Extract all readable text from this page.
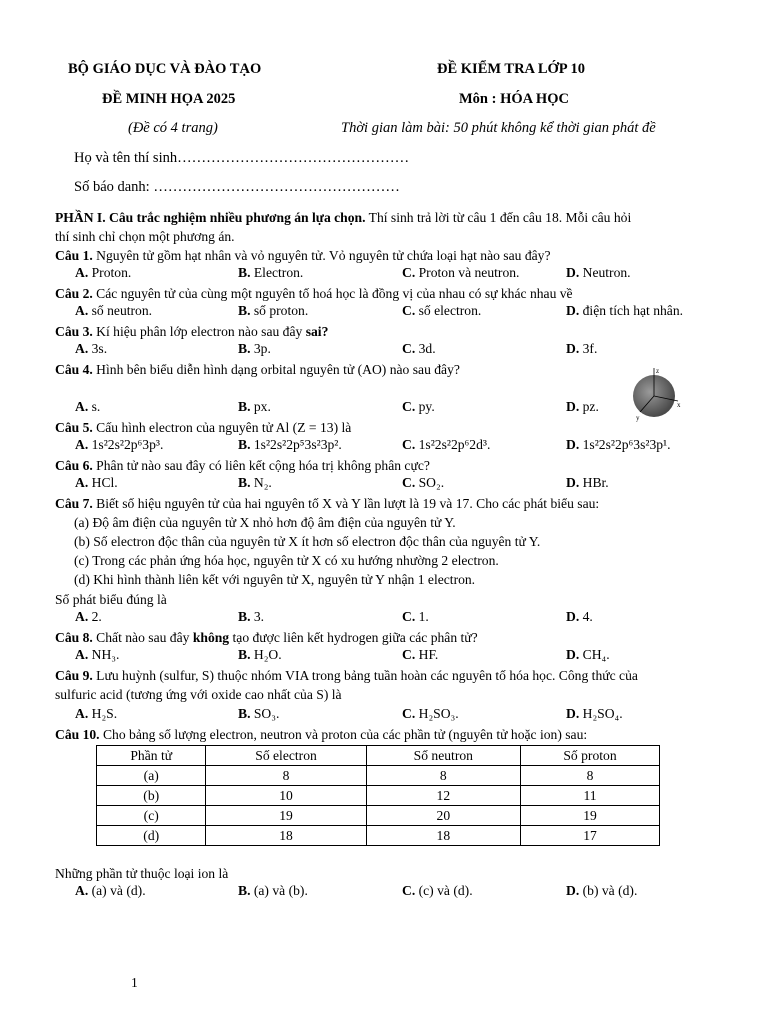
BỘ GIÁO DỤC VÀ ĐÀO TẠO
ĐỀ MINH HỌA 2025
(Đề có 4 trang)
ĐỀ KIỂM TRA LỚP 10
Môn : HÓA HỌC
Thời gian làm bài: 50 phút không kể thời gian phát đề
Họ và tên thí sinh…………………………………………
Số báo danh: ……………………………………………
PHẦN I. Câu trắc nghiệm nhiều phương án lựa chọn. Thí sinh trả lời từ câu 1 đến câu 18. Mỗi câu hỏi
thí sinh chỉ chọn một phương án.
Câu 1. Nguyên tử gồm hạt nhân và vỏ nguyên tử. Vỏ nguyên tử chứa loại hạt nào sau đây?
A. Proton.	B. Electron.	C. Proton và neutron.	D. Neutron.
Câu 2. Các nguyên tử của cùng một nguyên tố hoá học là đồng vị của nhau có sự khác nhau về
A. số neutron.	B. số proton.	C. số electron.	D. điện tích hạt nhân.
Câu 3. Kí hiệu phân lớp electron nào sau đây sai?
A. 3s.	B. 3p.	C. 3d.	D. 3f.
Câu 4. Hình bên biểu diễn hình dạng orbital nguyên tử (AO) nào sau đây?
A. s.	B. px.	C. py.	D. pz.
z
x
y
Câu 5. Cấu hình electron của nguyên tử Al (Z = 13) là
A. 1s²2s²2p⁶3p³.	B. 1s²2s²2p⁵3s²3p².	C. 1s²2s²2p⁶2d³.	D. 1s²2s²2p⁶3s²3p¹.
Câu 6. Phân tử nào sau đây có liên kết cộng hóa trị không phân cực?
A. HCl.	B. N₂.	C. SO₂.	D. HBr.
Câu 7. Biết số hiệu nguyên tử của hai nguyên tố X và Y lần lượt là 19 và 17. Cho các phát biểu sau:
(a) Độ âm điện của nguyên tử X nhỏ hơn độ âm điện của nguyên tử Y.
(b) Số electron độc thân của nguyên tử X ít hơn số electron độc thân của nguyên tử Y.
(c) Trong các phản ứng hóa học, nguyên tử X có xu hướng nhường 2 electron.
(d) Khi hình thành liên kết với nguyên tử X, nguyên tử Y nhận 1 electron.
Số phát biểu đúng là
A. 2.	B. 3.	C. 1.	D. 4.
Câu 8. Chất nào sau đây không tạo được liên kết hydrogen giữa các phân tử?
A. NH₃.	B. H₂O.	C. HF.	D. CH₄.
Câu 9. Lưu huỳnh (sulfur, S) thuộc nhóm VIA trong bảng tuần hoàn các nguyên tố hóa học. Công thức của
sulfuric acid (tương ứng với oxide cao nhất của S) là
A. H₂S.	B. SO₃.	C. H₂SO₃.	D. H₂SO₄.
Câu 10. Cho bảng số lượng electron, neutron và proton của các phần tử (nguyên tử hoặc ion) sau:
Phần tử	Số electron	Số neutron	Số proton
(a)	8	8	8
(b)	10	12	11
(c)	19	20	19
(d)	18	18	17
Những phần tử thuộc loại ion là
A. (a) và (d).	B. (a) và (b).	C. (c) và (d).	D. (b) và (d).
1
